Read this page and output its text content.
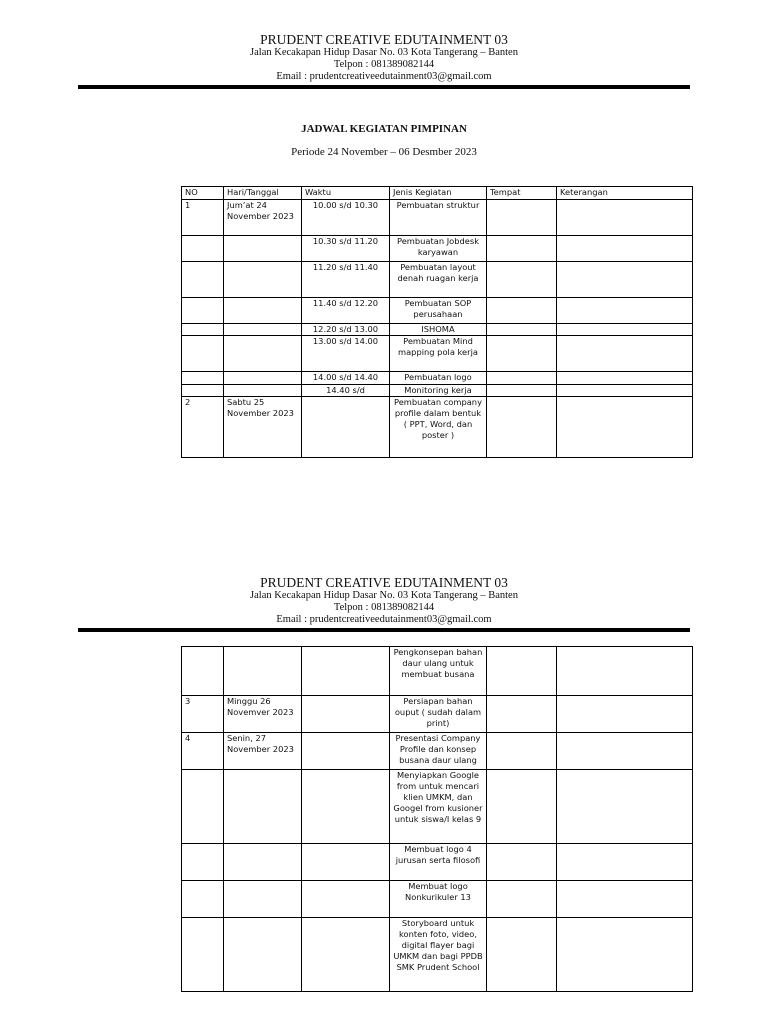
PRUDENT CREATIVE EDUTAINMENT 03
Jalan Kecakapan Hidup Dasar No. 03 Kota Tangerang – Banten
Telpon : 081389082144
Email : prudentcreativeedutainment03@gmail.com
JADWAL KEGIATAN PIMPINAN
Periode 24 November – 06 Desmber 2023
NO	Hari/Tanggal	Waktu	Jenis Kegiatan	Tempat	Keterangan
1	Jum’at 24 November 2023	10.00 s/d 10.30	Pembuatan struktur		
		10.30 s/d 11.20	Pembuatan Jobdesk karyawan		
		11.20 s/d 11.40	Pembuatan layout denah ruagan kerja		
		11.40 s/d 12.20	Pembuatan SOP perusahaan		
		12.20 s/d 13.00	ISHOMA		
		13.00 s/d 14.00	Pembuatan Mind mapping pola kerja		
		14.00 s/d 14.40	Pembuatan logo		
		14.40 s/d	Monitoring kerja		
2	Sabtu 25 November 2023		Pembuatan company profile dalam bentuk ( PPT, Word, dan poster )		
PRUDENT CREATIVE EDUTAINMENT 03
Jalan Kecakapan Hidup Dasar No. 03 Kota Tangerang – Banten
Telpon : 081389082144
Email : prudentcreativeedutainment03@gmail.com
			Pengkonsepan bahan daur ulang untuk membuat busana		
3	Minggu 26 Novemver 2023		Persiapan bahan ouput ( sudah dalam print)		
4	Senin, 27 November 2023		Presentasi Company Profile dan konsep busana daur ulang		
			Menyiapkan Google from untuk mencari klien UMKM, dan Googel from kusioner untuk siswa/I kelas 9		
			Membuat logo 4 jurusan serta filosofi		
			Membuat logo Nonkurikuler 13		
			Storyboard untuk konten foto, video, digital flayer bagi UMKM dan bagi PPDB SMK Prudent School		
